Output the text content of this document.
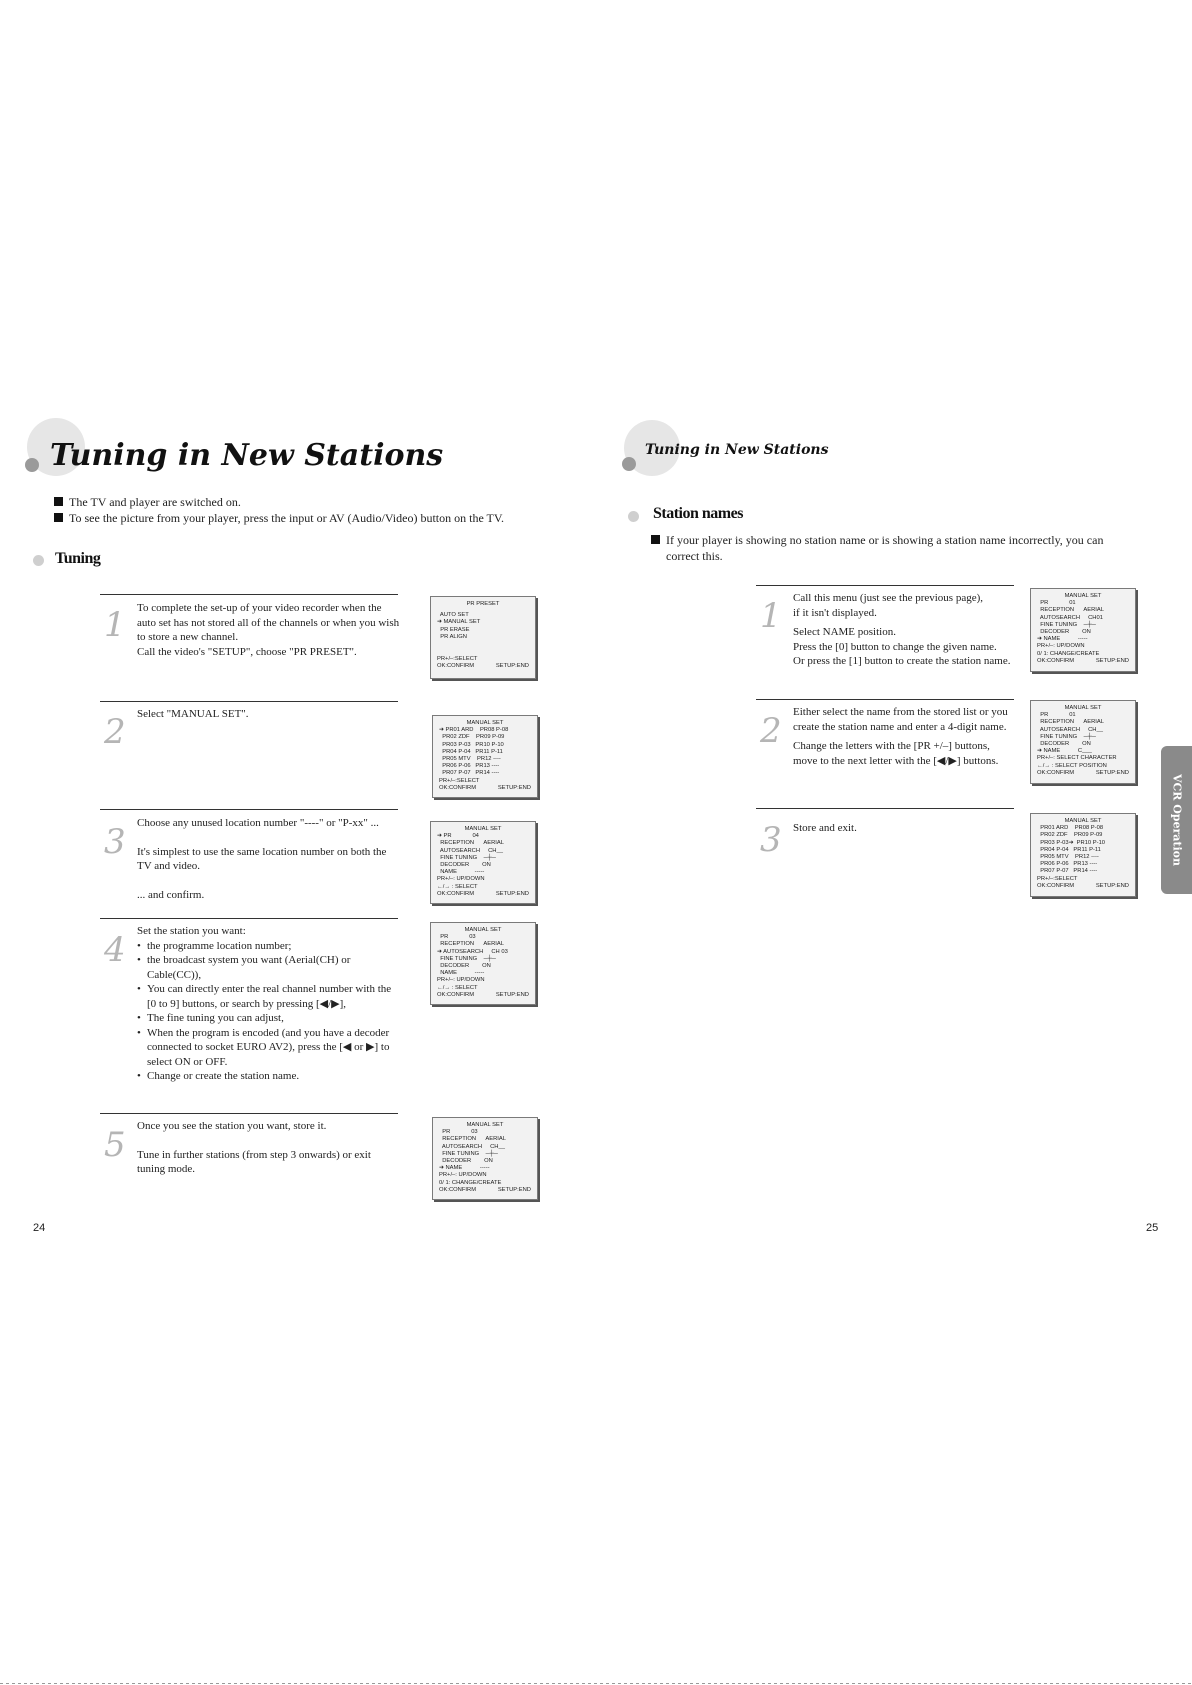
Tuning in New Stations
The TV and player are switched on.
To see the picture from your player, press the input or AV (Audio/Video) button on the TV.
Tuning
1 To complete the set-up of your video recorder when the

auto set has not stored all of the channels or when you wish

to store a new channel.

Call the video's "SETUP", choose "PR PRESET".

PR PRESET
AUTO SET
➜ MANUAL SET
PR ERASE
PR ALIGN
PR+/–:SELECT
OK:CONFIRM	SETUP:END
2 Select "MANUAL SET".

MANUAL SET
➜ PR01 ARD    PR08 P-08
PR02 ZDF    PR09 P-09
PR03 P-03   PR10 P-10
PR04 P-04   PR11 P-11
PR05 MTV    PR12 ----
PR06 P-06   PR13 ----
PR07 P-07   PR14 ----
PR+/–:SELECT
OK:CONFIRM	SETUP:END
3 Choose any unused location number "----" or "P-xx" ...

It's simplest to use the same location number on both the

TV and video.

... and confirm.

MANUAL SET
➜ PR             04
RECEPTION      AERIAL
AUTOSEARCH     CH__
FINE TUNING    ─┼─
DECODER        ON
NAME           -----
PR+/–: UP/DOWN
←/→ : SELECT
OK:CONFIRM	SETUP:END
4 Set the station you want:

• the programme location number;
• the broadcast system you want (Aerial(CH) or Cable(CC)),
• You can directly enter the real channel number with the [0 to 9] buttons, or search by pressing [◀/▶],
• The fine tuning you can adjust,
• When the program is encoded (and you have a decoder connected to socket EURO AV2), press the [◀ or ▶] to select ON or OFF.
• Change or create the station name.
MANUAL SET
PR             03
RECEPTION      AERIAL
➜ AUTOSEARCH     CH 03
FINE TUNING    ─┼─
DECODER        ON
NAME           -----
PR+/–: UP/DOWN
←/→ : SELECT
OK:CONFIRM	SETUP:END
5 Once you see the station you want, store it.

Tune in further stations (from step 3 onwards) or exit

tuning mode.

MANUAL SET
PR             03
RECEPTION      AERIAL
AUTOSEARCH     CH__
FINE TUNING    ─┼─
DECODER        ON
➜ NAME           -----
PR+/–: UP/DOWN
0/ 1: CHANGE/CREATE
OK:CONFIRM	SETUP:END
24
Tuning in New Stations
Station names
If your player is showing no station name or is showing a station name incorrectly, you can
correct this.
1 Call this menu (just see the previous page),

if it isn't displayed.

Select NAME position.

Press the [0] button to change the given name.

Or press the [1] button to create the station name.

MANUAL SET
PR             01
RECEPTION      AERIAL
AUTOSEARCH     CH01
FINE TUNING    ─┼─
DECODER        ON
➜ NAME           -----
PR+/–: UP/DOWN
0/ 1: CHANGE/CREATE
OK:CONFIRM	SETUP:END
2 Either select the name from the stored list or you

create the station name and enter a 4-digit name.

Change the letters with the [PR +/–] buttons,

move to the next letter with the [◀/▶] buttons.

MANUAL SET
PR             01
RECEPTION      AERIAL
AUTOSEARCH     CH__
FINE TUNING    ─┼─
DECODER        ON
➜ NAME           C___
PR+/–: SELECT CHARACTER
←/→ : SELECT POSITION
OK:CONFIRM	SETUP:END
3 Store and exit.

MANUAL SET
PR01 ARD    PR08 P-08
PR02 ZDF    PR09 P-09
PR03 P-03➜  PR10 P-10
PR04 P-04   PR11 P-11
PR05 MTV    PR12 ----
PR06 P-06   PR13 ----
PR07 P-07   PR14 ----
PR+/–:SELECT
OK:CONFIRM	SETUP:END
VCR Operation
25
